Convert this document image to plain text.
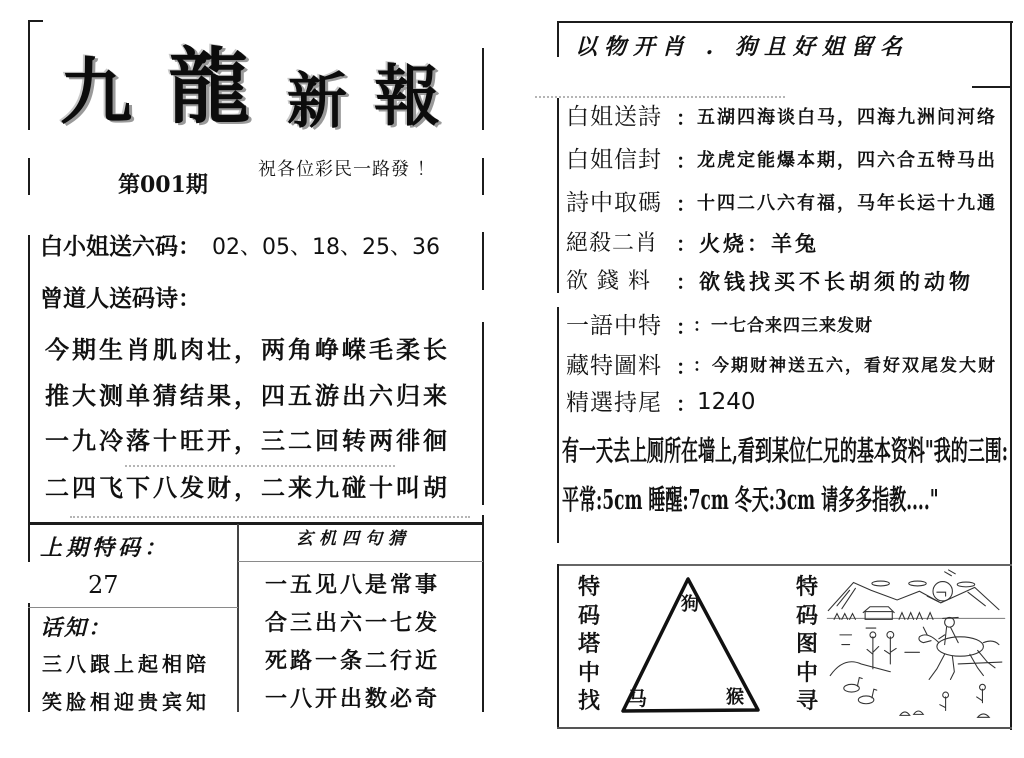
九 龍 新 報
第001期
祝各位彩民一路發 ！
白小姐送六码： 02、05、18、25、36
曾道人送码诗：
今期生肖肌肉壮，两角峥嵘毛柔长
推大测单猜结果，四五游出六归来
一九冷落十旺开，三二回转两徘徊
二四飞下八发财，二来九碰十叫胡
上期特码：
27
话知：
三八跟上起相陪
笑脸相迎贵宾知
玄机四句猜
一五见八是常事
合三出六一七发
死路一条二行近
一八开出数必奇
以物开肖 . 狗且好姐留名
白姐送詩 ： 五湖四海谈白马，四海九洲问河络
白姐信封 ： 龙虎定能爆本期，四六合五特马出
詩中取碼 ： 十四二八六有福，马年长运十九通
絕殺二肖 ： 火烧：羊兔
欲 錢 料 ： 欲钱找买不长胡须的动物
一語中特 ：
：一七合来四三来发财
藏特圖料 ：
：今期财神送五六，看好双尾发大财
精選持尾 ： 1240
有一天去上厕所在墙上,看到某位仁兄的基本资料"我的三围:
平常:5cm 睡醒:7cm 冬天:3cm 请多多指教...."
特
码
塔
中
找
狗
马	猴
特
码
图
中
寻
